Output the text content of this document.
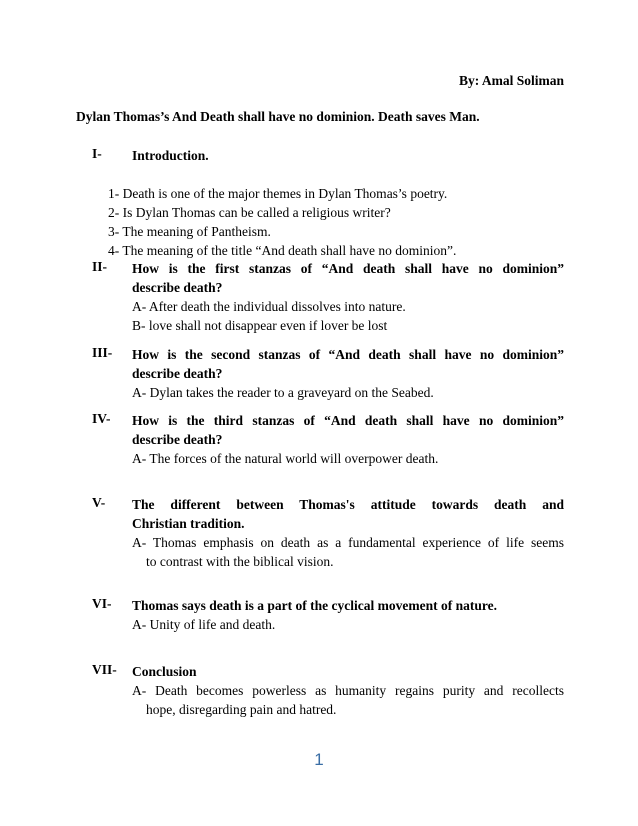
By: Amal Soliman
Dylan Thomas’s And Death shall have no dominion. Death saves Man.
I- Introduction.
1- Death is one of the major themes in Dylan Thomas’s poetry.
2- Is Dylan Thomas can be called a religious writer?
3- The meaning of Pantheism.
4- The meaning of the title “And death shall have no dominion”.
II- How is the first stanzas of “And death shall have no dominion”
describe death?
A- After death the individual dissolves into nature.
B- love shall not disappear even if lover be lost
III- How is the second stanzas of “And death shall have no dominion”
describe death?
A- Dylan takes the reader to a graveyard on the Seabed.
IV- How is the third stanzas of “And death shall have no dominion”
describe death?
A- The forces of the natural world will overpower death.
V- The different between Thomas's attitude towards death and
Christian tradition.
A- Thomas emphasis on death as a fundamental experience of life seems
to contrast with the biblical vision.
VI- Thomas says death is a part of the cyclical movement of nature.
A- Unity of life and death.
VII- Conclusion
A- Death becomes powerless as humanity regains purity and recollects
hope, disregarding pain and hatred.
1
